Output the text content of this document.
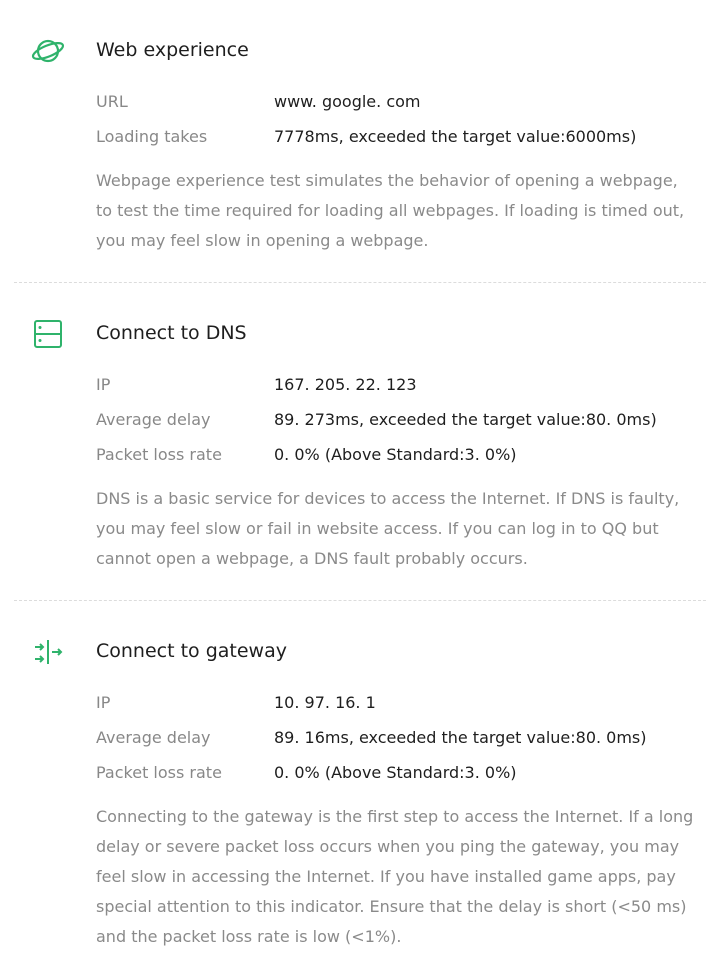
Web experience
URL	www. google. com
Loading takes	7778ms, exceeded the target value:6000ms)
Webpage experience test simulates the behavior of opening a webpage, to test the time required for loading all webpages. If loading is timed out, you may feel slow in opening a webpage.
Connect to DNS
IP	167. 205. 22. 123
Average delay	89. 273ms, exceeded the target value:80. 0ms)
Packet loss rate	0. 0% (Above Standard:3. 0%)
DNS is a basic service for devices to access the Internet. If DNS is faulty, you may feel slow or fail in website access. If you can log in to QQ but cannot open a webpage, a DNS fault probably occurs.
Connect to gateway
IP	10. 97. 16. 1
Average delay	89. 16ms, exceeded the target value:80. 0ms)
Packet loss rate	0. 0% (Above Standard:3. 0%)
Connecting to the gateway is the first step to access the Internet. If a long delay or severe packet loss occurs when you ping the gateway, you may feel slow in accessing the Internet. If you have installed game apps, pay special attention to this indicator. Ensure that the delay is short (<50 ms) and the packet loss rate is low (<1%).
